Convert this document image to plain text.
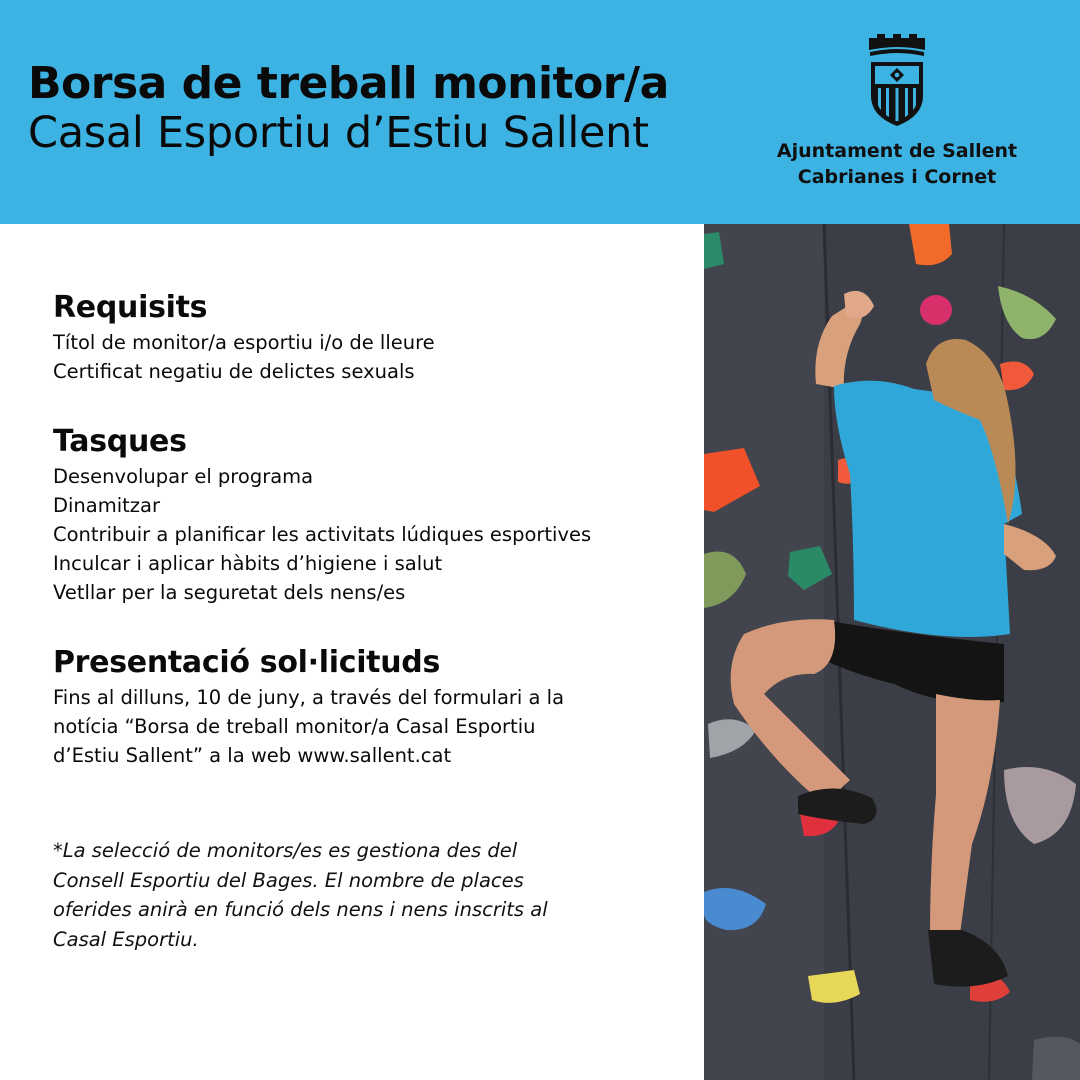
Borsa de treball monitor/a
Casal Esportiu d’Estiu Sallent	Ajuntament de Sallent
Cabrianes i Cornet
Requisits
Títol de monitor/a esportiu i/o de lleure
Certificat negatiu de delictes sexuals
Tasques
Desenvolupar el programa
Dinamitzar
Contribuir a planificar les activitats lúdiques esportives
Inculcar i aplicar hàbits d’higiene i salut
Vetllar per la seguretat dels nens/es
Presentació sol·licituds
Fins al dilluns, 10 de juny, a través del formulari a la
notícia “Borsa de treball monitor/a Casal Esportiu
d’Estiu Sallent” a la web www.sallent.cat
*La selecció de monitors/es es gestiona des del
Consell Esportiu del Bages. El nombre de places
oferides anirà en funció dels nens i nens inscrits al
Casal Esportiu.
